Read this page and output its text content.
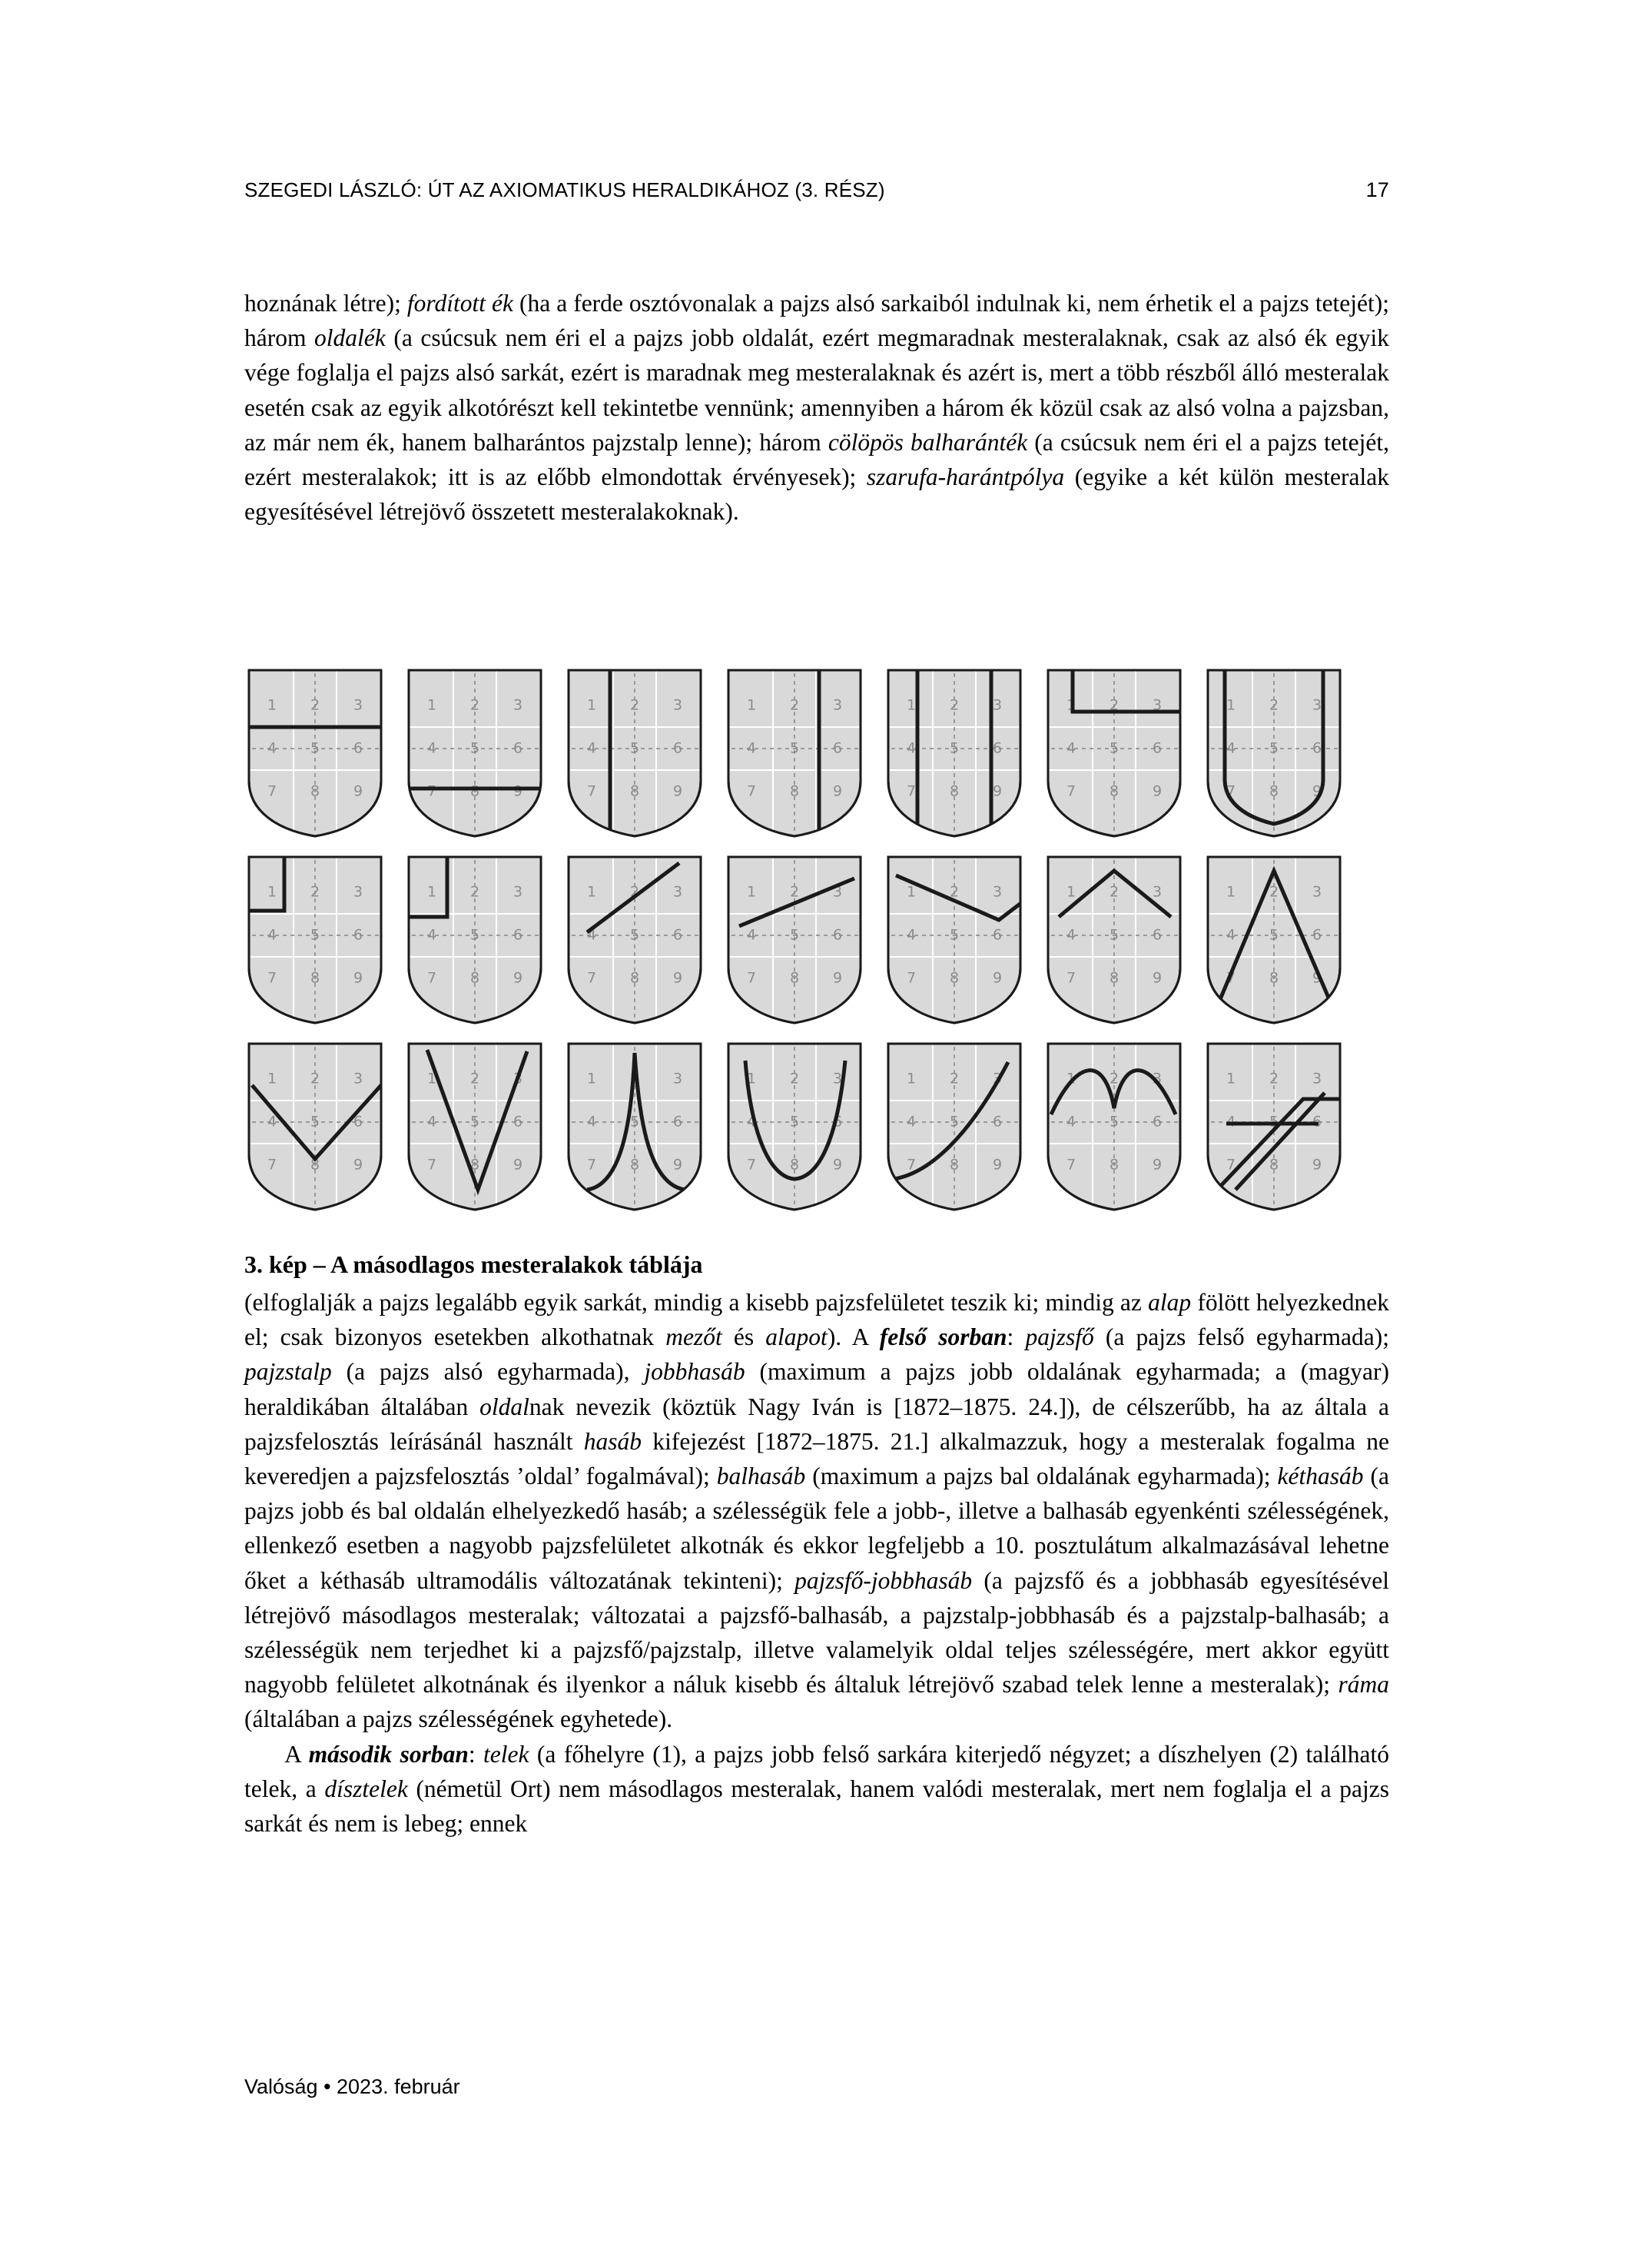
SZEGEDI LÁSZLÓ: ÚT AZ AXIOMATIKUS HERALDIKÁHOZ (3. RÉSZ)	17
hoznának létre); fordított ék (ha a ferde osztóvonalak a pajzs alsó sarkaiból indulnak ki, nem érhetik el a pajzs tetejét); három oldalék (a csúcsuk nem éri el a pajzs jobb oldalát, ezért megmaradnak mesteralaknak, csak az alsó ék egyik vége foglalja el pajzs alsó sarkát, ezért is maradnak meg mesteralaknak és azért is, mert a több részből álló mesteralak esetén csak az egyik alkotórészt kell tekintetbe vennünk; amennyiben a három ék közül csak az alsó volna a pajzsban, az már nem ék, hanem balharántos pajzstalp lenne); három cölöpös balharánték (a csúcsuk nem éri el a pajzs tetejét, ezért mesteralakok; itt is az előbb elmondottak érvényesek); szarufa-harántpólya (egyike a két külön mesteralak egyesítésével létrejövő összetett mesteralakoknak).
1 2 3
4 5 6
7 8 9
1 2 3
4 5 6
7 8 9
1 2 3
4 5 6
7 8 9
1 2 3
4 5 6
7 8 9
1 2 3
4 5 6
7 8 9
1 2 3
4 5 6
7 8 9
1 2 3
4 5 6
7 8 9
1 2 3
4 5 6
7 8 9
1 2 3
4 5 6
7 8 9
1 2 3
4 5 6
7 8 9
1 2 3
4 5 6
7 8 9
1 2 3
4 5 6
7 8 9
1 2 3
4 5 6
7 8 9
1 2 3
4 5 6
7 8 9
1 2 3
4 5 6
7 8 9
1 2 3
4 5 6
7 8 9
1 2 3
4 5 6
7 8 9
1 2 3
4 5 6
7 8 9
1 2 3
4 5 6
7 8 9
1 2 3
4 5 6
7 8 9
1 2 3
4 5 6
7 8 9
3. kép – A másodlagos mesteralakok táblája
(elfoglalják a pajzs legalább egyik sarkát, mindig a kisebb pajzsfelületet teszik ki; mindig az alap fölött helyezkednek el; csak bizonyos esetekben alkothatnak mezőt és alapot). A felső sorban: pajzsfő (a pajzs felső egyharmada); pajzstalp (a pajzs alsó egyharmada), jobbhasáb (maximum a pajzs jobb oldalának egyharmada; a (magyar) heraldikában általában oldalnak nevezik (köztük Nagy Iván is [1872–1875. 24.]), de célszerűbb, ha az általa a pajzsfelosztás leírásánál használt hasáb kifejezést [1872–1875. 21.] alkalmazzuk, hogy a mesteralak fogalma ne keveredjen a pajzsfelosztás ’oldal’ fogalmával); balhasáb (maximum a pajzs bal oldalának egyharmada); kéthasáb (a pajzs jobb és bal oldalán elhelyezkedő hasáb; a szélességük fele a jobb-, illetve a balhasáb egyenkénti szélességének, ellenkező esetben a nagyobb pajzsfelületet alkotnák és ekkor legfeljebb a 10. posztulátum alkalmazásával lehetne őket a kéthasáb ultramodális változatának tekinteni); pajzsfő-jobbhasáb (a pajzsfő és a jobbhasáb egyesítésével létrejövő másodlagos mesteralak; változatai a pajzsfő-balhasáb, a pajzstalp-jobbhasáb és a pajzstalp-balhasáb; a szélességük nem terjedhet ki a pajzsfő/pajzstalp, illetve valamelyik oldal teljes szélességére, mert akkor együtt nagyobb felületet alkotnának és ilyenkor a náluk kisebb és általuk létrejövő szabad telek lenne a mesteralak); ráma (általában a pajzs szélességének egyhetede).
A második sorban: telek (a főhelyre (1), a pajzs jobb felső sarkára kiterjedő négyzet; a díszhelyen (2) található telek, a dísztelek (németül Ort) nem másodlagos mesteralak, hanem valódi mesteralak, mert nem foglalja el a pajzs sarkát és nem is lebeg; ennek
Valóság • 2023. február
